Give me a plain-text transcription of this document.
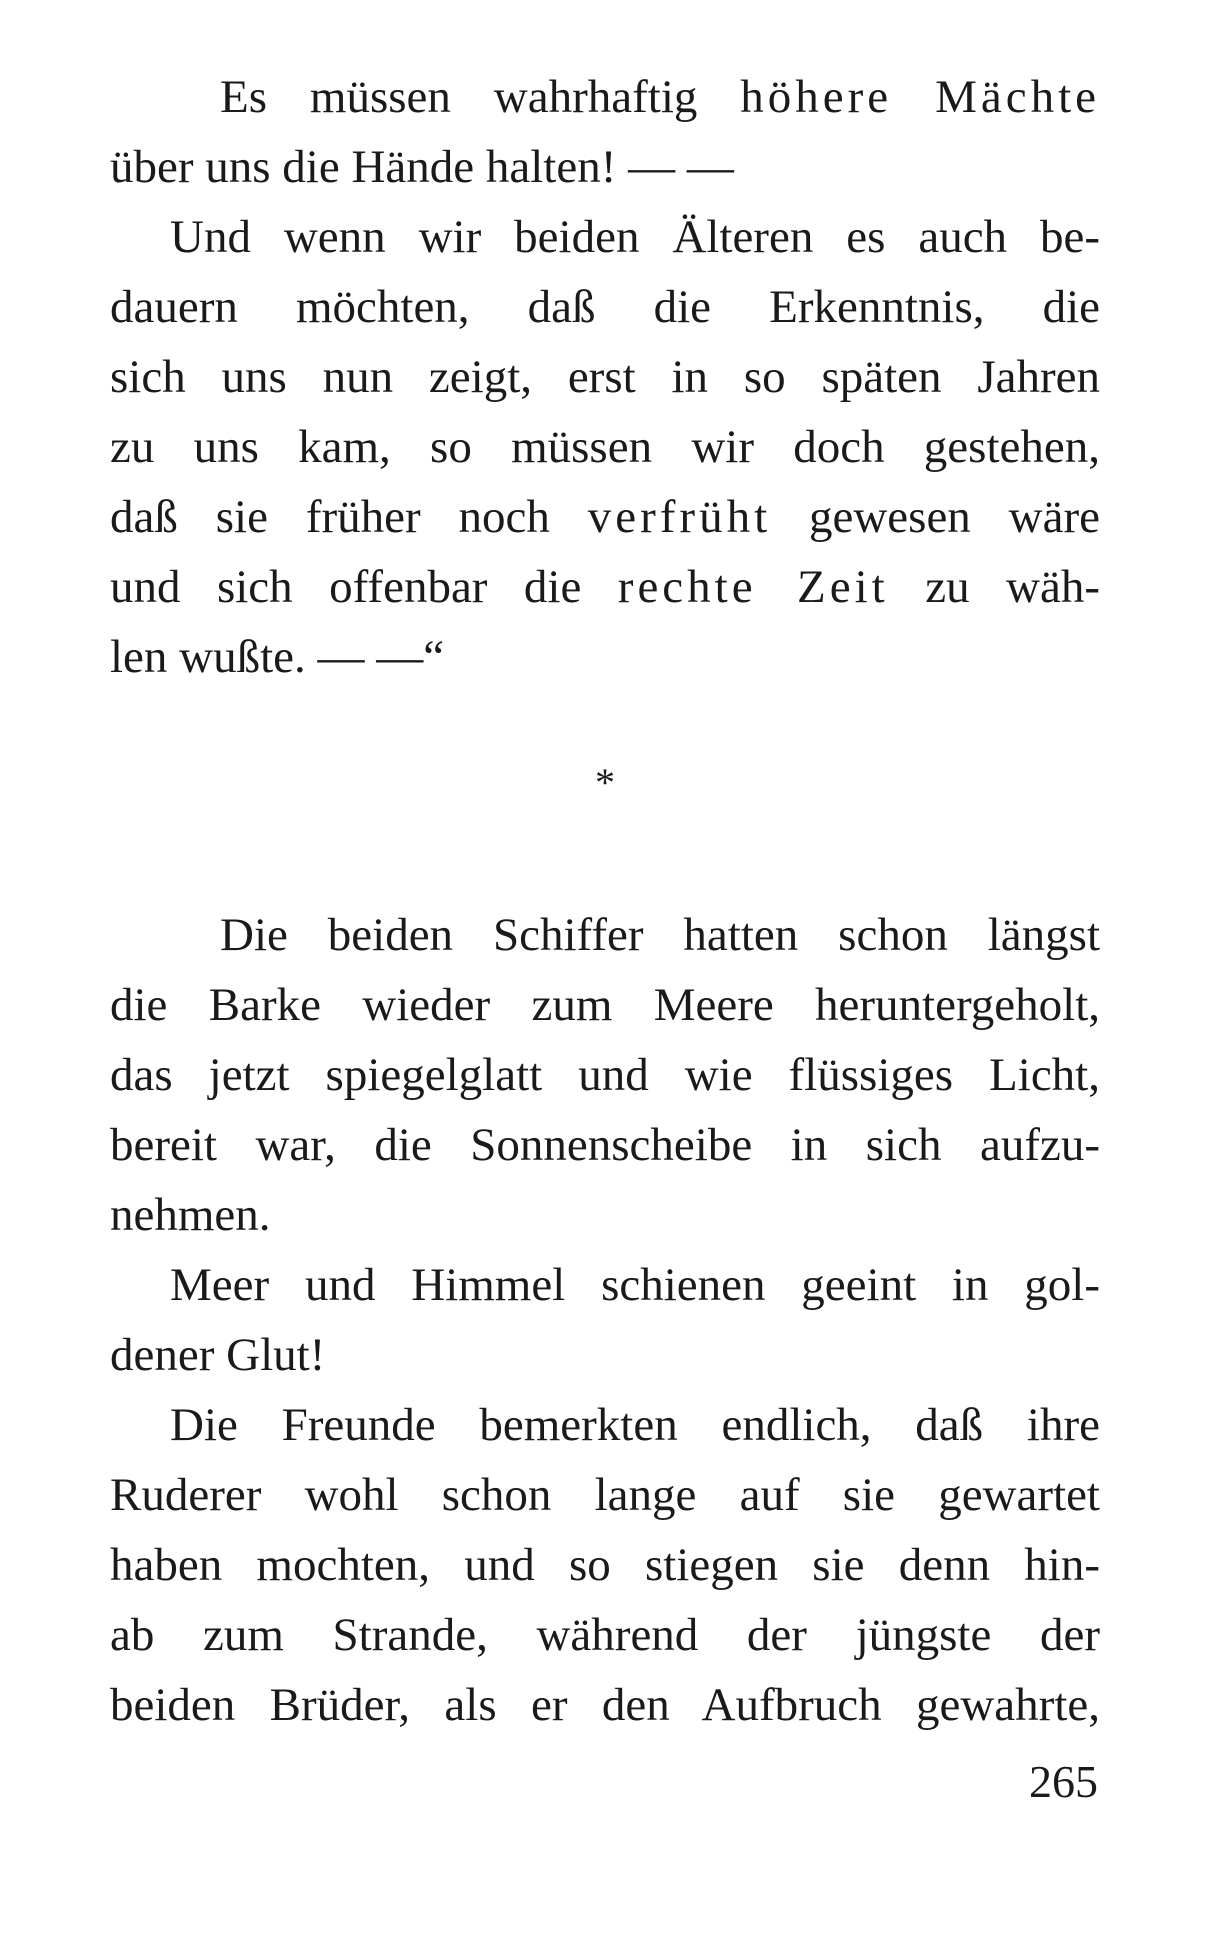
Es müssen wahrhaftig höhere Mächte
über uns die Hände halten! — —
Und wenn wir beiden Älteren es auch be-
dauern möchten, daß die Erkenntnis, die
sich uns nun zeigt, erst in so späten Jahren
zu uns kam, so müssen wir doch gestehen,
daß sie früher noch verfrüht gewesen wäre
und sich offenbar die rechte Zeit zu wäh-
len wußte. — —“
*
Die beiden Schiffer hatten schon längst
die Barke wieder zum Meere heruntergeholt,
das jetzt spiegelglatt und wie flüssiges Licht,
bereit war, die Sonnenscheibe in sich aufzu-
nehmen.
Meer und Himmel schienen geeint in gol-
dener Glut!
Die Freunde bemerkten endlich, daß ihre
Ruderer wohl schon lange auf sie gewartet
haben mochten, und so stiegen sie denn hin-
ab zum Strande, während der jüngste der
beiden Brüder, als er den Aufbruch gewahrte,
265
